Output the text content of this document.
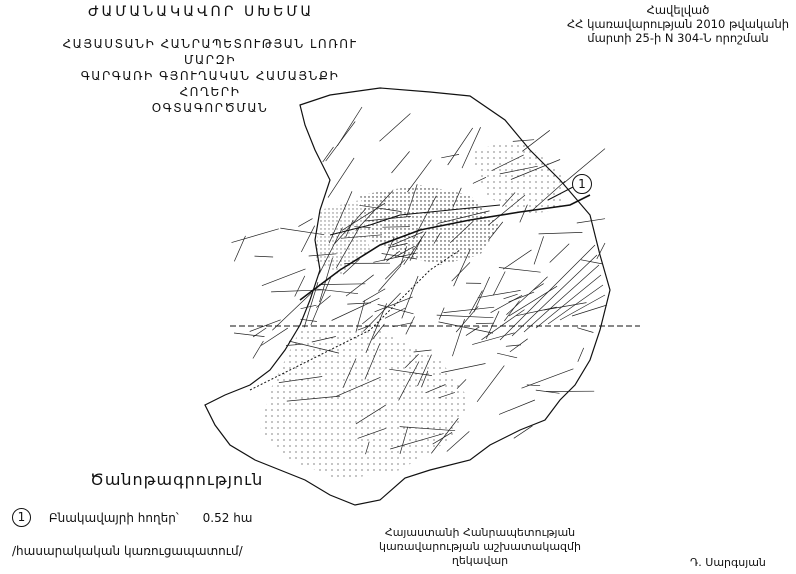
ԺԱՄԱՆԱԿԱՎՈՐ ՍԽԵՄԱ
ՀԱՅԱՍՏԱՆԻ ՀԱՆՐԱՊԵՏՈՒԹՅԱՆ ԼՈՌՈՒ ՄԱՐԶԻ
ԳԱՐԳԱՌԻ ԳՅՈՒՂԱԿԱՆ ՀԱՄԱՅՆՔԻ ՀՈՂԵՐԻ
ՕԳՏԱԳՈՐԾՄԱՆ
Հավելված
ՀՀ կառավարության 2010 թվականի
մարտի 25-ի N 304-Ն որոշման
1
Ծանոթագրություն
1 Բնակավայրի հողեր՝ 0.52 հա
/հասարակական կառուցապատում/
Հայաստանի Հանրապետության
կառավարության աշխատակազմի
ղեկավար	Դ. Սարգսյան
